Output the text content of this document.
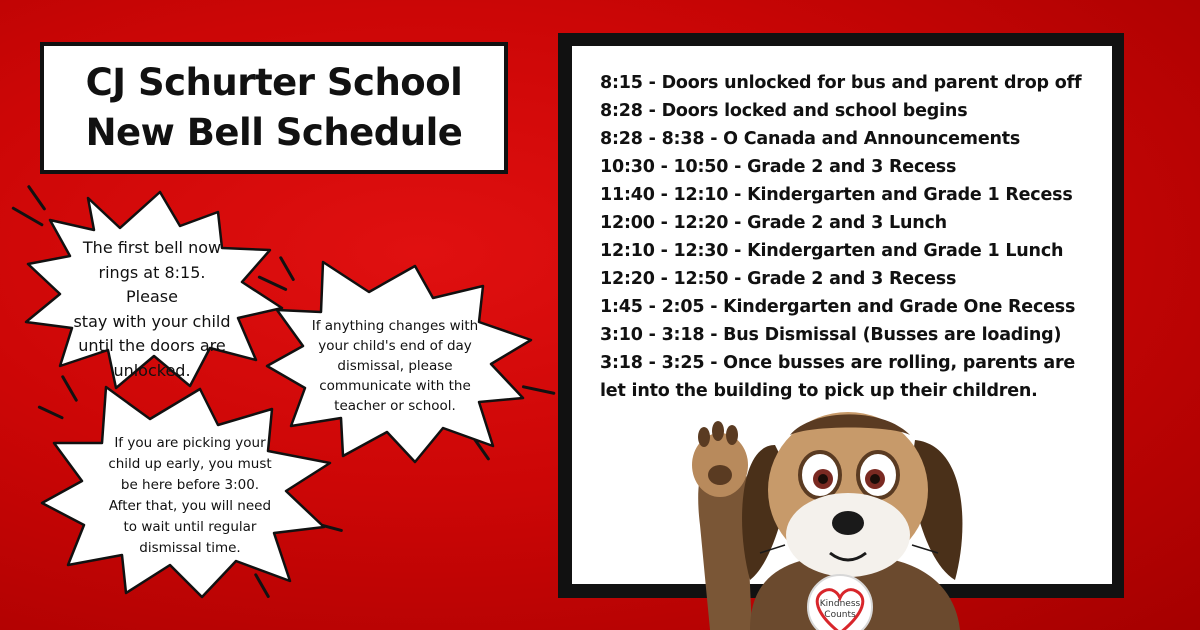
CJ Schurter School
New Bell Schedule
The first bell now
rings at 8:15. Please
stay with your child
until the doors are
unlocked.
If anything changes with
your child's end of day
dismissal, please
communicate with the
teacher or school.
If you are picking your
child up early, you must
be here before 3:00.
After that, you will need
to wait until regular
dismissal time.
8:15 - Doors unlocked for bus and parent drop off
8:28 - Doors locked and school begins
8:28 - 8:38 - O Canada and Announcements
10:30 - 10:50 - Grade 2 and 3 Recess
11:40 - 12:10 - Kindergarten and Grade 1 Recess
12:00 - 12:20 - Grade 2 and 3 Lunch
12:10 - 12:30 - Kindergarten and Grade 1 Lunch
12:20 - 12:50 - Grade 2 and 3 Recess
1:45 - 2:05 - Kindergarten and Grade One Recess
3:10 - 3:18 - Bus Dismissal (Busses are loading)
3:18 - 3:25 - Once busses are rolling, parents are
let into the building to pick up their children.
Kindness
Counts
